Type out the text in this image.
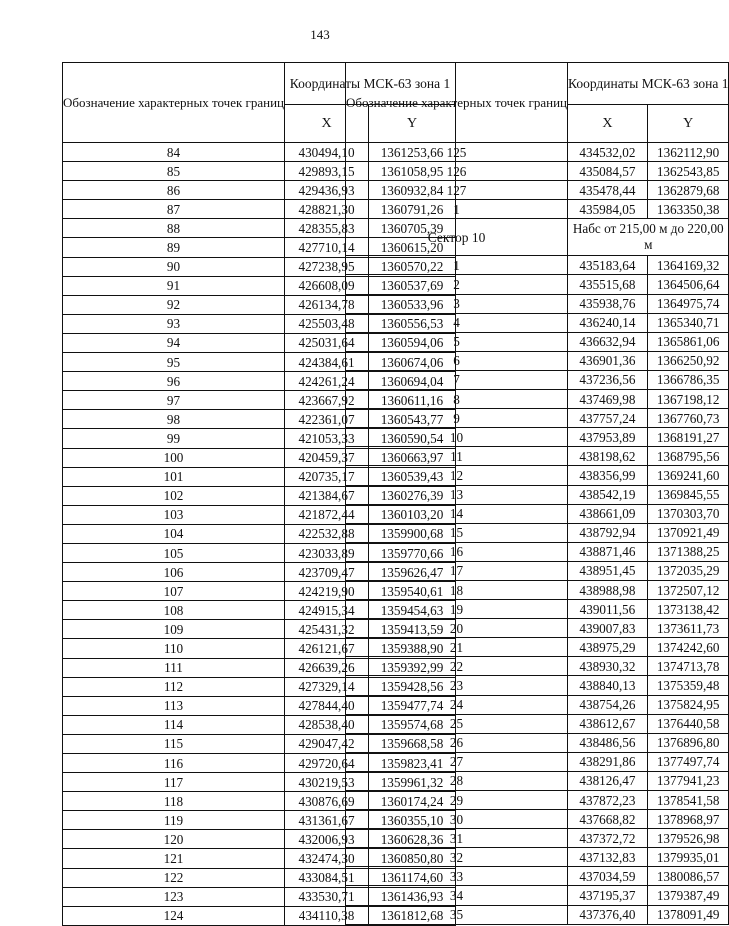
143
Обозначение характерных точек границ	Координаты МСК-63 зона 1	
	X	Y
84	430494,10	1361253,66
85	429893,15	1361058,95
86	429436,93	1360932,84
87	428821,30	1360791,26
88	428355,83	1360705,39
89	427710,14	1360615,20
90	427238,95	1360570,22
91	426608,09	1360537,69
92	426134,78	1360533,96
93	425503,48	1360556,53
94	425031,64	1360594,06
95	424384,61	1360674,06
96	424261,24	1360694,04
97	423667,92	1360611,16
98	422361,07	1360543,77
99	421053,33	1360590,54
100	420459,37	1360663,97
101	420735,17	1360539,43
102	421384,67	1360276,39
103	421872,44	1360103,20
104	422532,88	1359900,68
105	423033,89	1359770,66
106	423709,47	1359626,47
107	424219,90	1359540,61
108	424915,34	1359454,63
109	425431,32	1359413,59
110	426121,67	1359388,90
111	426639,26	1359392,99
112	427329,14	1359428,56
113	427844,40	1359477,74
114	428538,40	1359574,68
115	429047,42	1359668,58
116	429720,64	1359823,41
117	430219,53	1359961,32
118	430876,69	1360174,24
119	431361,67	1360355,10
120	432006,93	1360628,36
121	432474,30	1360850,80
122	433084,51	1361174,60
123	433530,71	1361436,93
124	434110,38	1361812,68
Обозначение характерных точек границ	Координаты МСК-63 зона 1	
	X	Y
125	434532,02	1362112,90
126	435084,57	1362543,85
127	435478,44	1362879,68
1	435984,05	1363350,38
Сектор 10	Набс от 215,00 м до 220,00 м	
1	435183,64	1364169,32
2	435515,68	1364506,64
3	435938,76	1364975,74
4	436240,14	1365340,71
5	436632,94	1365861,06
6	436901,36	1366250,92
7	437236,56	1366786,35
8	437469,98	1367198,12
9	437757,24	1367760,73
10	437953,89	1368191,27
11	438198,62	1368795,56
12	438356,99	1369241,60
13	438542,19	1369845,55
14	438661,09	1370303,70
15	438792,94	1370921,49
16	438871,46	1371388,25
17	438951,45	1372035,29
18	438988,98	1372507,12
19	439011,56	1373138,42
20	439007,83	1373611,73
21	438975,29	1374242,60
22	438930,32	1374713,78
23	438840,13	1375359,48
24	438754,26	1375824,95
25	438612,67	1376440,58
26	438486,56	1376896,80
27	438291,86	1377497,74
28	438126,47	1377941,23
29	437872,23	1378541,58
30	437668,82	1378968,97
31	437372,72	1379526,98
32	437132,83	1379935,01
33	437034,59	1380086,57
34	437195,37	1379387,49
35	437376,40	1378091,49
